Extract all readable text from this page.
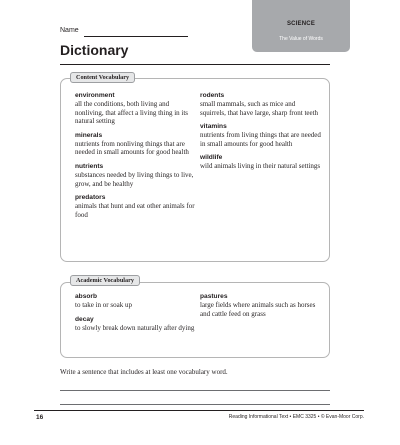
Name
SCIENCE
The Value of Words
Dictionary
Content Vocabulary

environment

all the conditions, both living and nonliving, that affect a living thing in its natural setting

minerals

nutrients from nonliving things that are needed in small amounts for good health

nutrients

substances needed by living things to live, grow, and be healthy

predators

animals that hunt and eat other animals for food

rodents

small mammals, such as mice and squirrels, that have large, sharp front teeth

vitamins

nutrients from living things that are needed in small amounts for good health

wildlife

wild animals living in their natural settings

Academic Vocabulary

absorb

to take in or soak up

decay

to slowly break down naturally after dying

pastures

large fields where animals such as horses and cattle feed on grass

Write a sentence that includes at least one vocabulary word.
16	Reading Informational Text • EMC 3325 • © Evan-Moor Corp.
